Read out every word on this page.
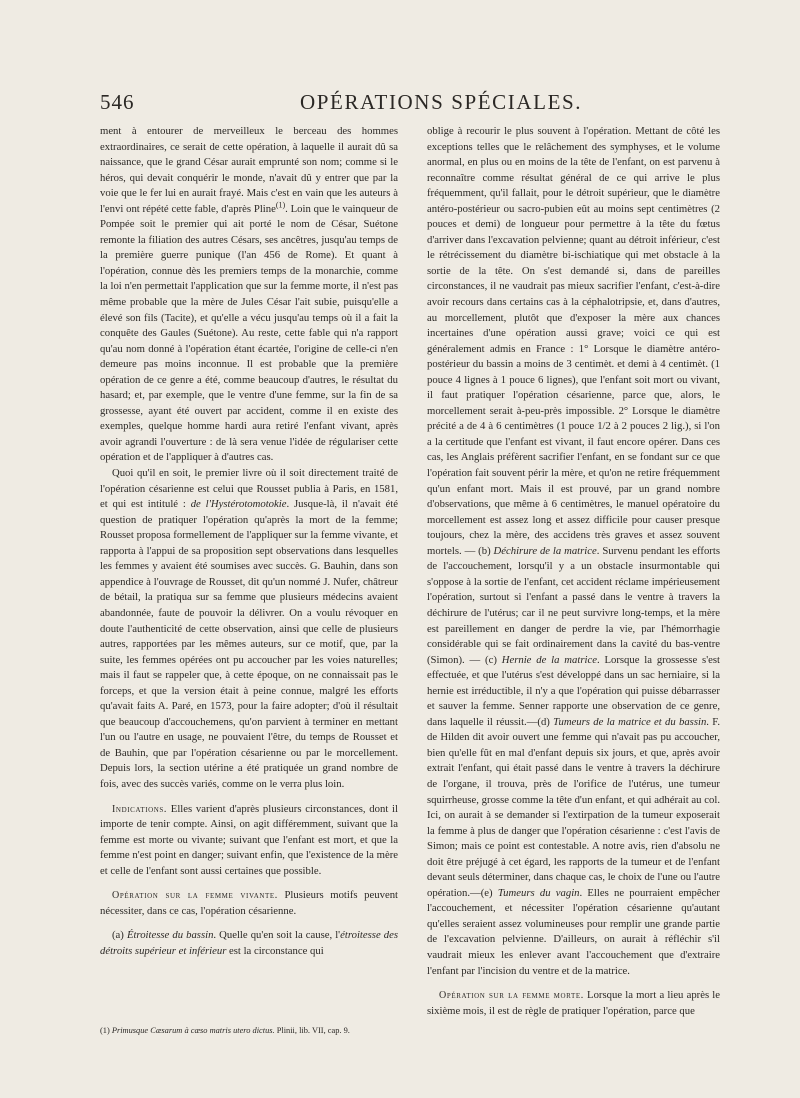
546	OPÉRATIONS SPÉCIALES.

ment à entourer de merveilleux le berceau des hommes extraordinaires, ce serait de cette opération, à laquelle il aurait dû sa naissance, que le grand César aurait emprunté son nom; comme si le héros, qui devait conquérir le monde, n'avait dû y entrer que par la voie que le fer lui en aurait frayé. Mais c'est en vain que les auteurs à l'envi ont répété cette fable, d'après Pline$^{(1)}$. Loin que le vainqueur de Pompée soit le premier qui ait porté le nom de César, Suétone remonte la filiation des autres Césars, ses ancêtres, jusqu'au temps de la première guerre punique (l'an 456 de Rome). Et quant à l'opération, connue dès les premiers temps de la monarchie, comme la loi n'en permettait l'application que sur la femme morte, il n'est pas même probable que la mère de Jules César l'ait subie, puisqu'elle a élevé son fils (Tacite), et qu'elle a vécu jusqu'au temps où il a fait la conquête des Gaules (Suétone). Au reste, cette fable qui n'a rapport qu'au nom donné à l'opération étant écartée, l'origine de celle-ci n'en demeure pas moins inconnue. Il est probable que la première opération de ce genre a été, comme beaucoup d'autres, le résultat du hasard; et, par exemple, que le ventre d'une femme, sur la fin de sa grossesse, ayant été ouvert par accident, comme il en existe des exemples, quelque homme hardi aura retiré l'enfant vivant, après avoir agrandi l'ouverture : de là sera venue l'idée de régulariser cette opération et de l'appliquer à d'autres cas.

Quoi qu'il en soit, le premier livre où il soit directement traité de l'opération césarienne est celui que Rousset publia à Paris, en 1581, et qui est intitulé : de l'Hystérotomotokie. Jusque-là, il n'avait été question de pratiquer l'opération qu'après la mort de la femme; Rousset proposa formellement de l'appliquer sur la femme vivante, et rapporta à l'appui de sa proposition sept observations dans lesquelles les femmes y avaient été soumises avec succès. G. Bauhin, dans son appendice à l'ouvrage de Rousset, dit qu'un nommé J. Nufer, châtreur de bétail, la pratiqua sur sa femme que plusieurs médecins avaient abandonnée, faute de pouvoir la délivrer. On a voulu révoquer en doute l'authenticité de cette observation, ainsi que celle de plusieurs autres, rapportées par les mêmes auteurs, sur ce motif, que, par la suite, les femmes opérées ont pu accoucher par les voies naturelles; mais il faut se rappeler que, à cette époque, on ne connaissait pas le forceps, et que la version était à peine connue, malgré les efforts qu'avait faits A. Paré, en 1573, pour la faire adopter; d'où il résultait que beaucoup d'accouchemens, qu'on parvient à terminer en mettant l'un ou l'autre en usage, ne pouvaient l'être, du temps de Rousset et de Bauhin, que par l'opération césarienne ou par le morcellement. Depuis lors, la section utérine a été pratiquée un grand nombre de fois, avec des succès variés, comme on le verra plus loin.

Indications. Elles varient d'après plusieurs circonstances, dont il importe de tenir compte. Ainsi, on agit différemment, suivant que la femme est morte ou vivante; suivant que l'enfant est mort, et que la femme n'est point en danger; suivant enfin, que l'existence de la mère et celle de l'enfant sont aussi certaines que possible.

Opération sur la femme vivante. Plusieurs motifs peuvent nécessiter, dans ce cas, l'opération césarienne.

(a) Étroitesse du bassin. Quelle qu'en soit la cause, l'étroitesse des détroits supérieur et inférieur est la circonstance qui

(1) Primusque Cæsarum à cæso matris utero dictus. Plinii, lib. VII, cap. 9.

oblige à recourir le plus souvent à l'opération. Mettant de côté les exceptions telles que le relâchement des symphyses, et le volume anormal, en plus ou en moins de la tête de l'enfant, on est parvenu à reconnaître comme résultat général de ce qui arrive le plus fréquemment, qu'il fallait, pour le détroit supérieur, que le diamètre antéro-postérieur ou sacro-pubien eût au moins sept centimètres (2 pouces et demi) de longueur pour permettre à la tête du fœtus d'arriver dans l'excavation pelvienne; quant au détroit inférieur, c'est le rétrécissement du diamètre bi-ischiatique qui met obstacle à la sortie de la tête. On s'est demandé si, dans de pareilles circonstances, il ne vaudrait pas mieux sacrifier l'enfant, c'est-à-dire avoir recours dans certains cas à la céphalotripsie, et, dans d'autres, au morcellement, plutôt que d'exposer la mère aux chances incertaines d'une opération aussi grave; voici ce qui est généralement admis en France : 1° Lorsque le diamètre antéro-postérieur du bassin a moins de 3 centimèt. et demi à 4 centimèt. (1 pouce 4 lignes à 1 pouce 6 lignes), que l'enfant soit mort ou vivant, il faut pratiquer l'opération césarienne, parce que, alors, le morcellement serait à-peu-près impossible. 2° Lorsque le diamètre précité a de 4 à 6 centimètres (1 pouce 1/2 à 2 pouces 2 lig.), si l'on a la certitude que l'enfant est vivant, il faut encore opérer. Dans ces cas, les Anglais préfèrent sacrifier l'enfant, en se fondant sur ce que l'opération fait souvent périr la mère, et qu'on ne retire fréquemment qu'un enfant mort. Mais il est prouvé, par un grand nombre d'observations, que même à 6 centimètres, le manuel opératoire du morcellement est assez long et assez difficile pour causer presque toujours, chez la mère, des accidens très graves et assez souvent mortels. — (b) Déchirure de la matrice. Survenu pendant les efforts de l'accouchement, lorsqu'il y a un obstacle insurmontable qui s'oppose à la sortie de l'enfant, cet accident réclame impérieusement l'opération, surtout si l'enfant a passé dans le ventre à travers la déchirure de l'utérus; car il ne peut survivre long-temps, et la mère est pareillement en danger de perdre la vie, par l'hémorrhagie considérable qui se fait ordinairement dans la cavité du bas-ventre (Simon). — (c) Hernie de la matrice. Lorsque la grossesse s'est effectuée, et que l'utérus s'est développé dans un sac herniaire, si la hernie est irréductible, il n'y a que l'opération qui puisse débarrasser et sauver la femme. Senner rapporte une observation de ce genre, dans laquelle il réussit.—(d) Tumeurs de la matrice et du bassin. F. de Hilden dit avoir ouvert une femme qui n'avait pas pu accoucher, bien qu'elle fût en mal d'enfant depuis six jours, et que, après avoir extrait l'enfant, qui était passé dans le ventre à travers la déchirure de l'organe, il trouva, près de l'orifice de l'utérus, une tumeur squirrheuse, grosse comme la tête d'un enfant, et qui adhérait au col. Ici, on aurait à se demander si l'extirpation de la tumeur exposerait la femme à plus de danger que l'opération césarienne : c'est l'avis de Simon; mais ce point est contestable. A notre avis, rien d'absolu ne doit être préjugé à cet égard, les rapports de la tumeur et de l'enfant devant seuls déterminer, dans chaque cas, le choix de l'une ou l'autre opération.—(e) Tumeurs du vagin. Elles ne pourraient empêcher l'accouchement, et nécessiter l'opération césarienne qu'autant qu'elles seraient assez volumineuses pour remplir une grande partie de l'excavation pelvienne. D'ailleurs, on aurait à réfléchir s'il vaudrait mieux les enlever avant l'accouchement que d'extraire l'enfant par l'incision du ventre et de la matrice.

Opération sur la femme morte. Lorsque la mort a lieu après le sixième mois, il est de règle de pratiquer l'opération, parce que
